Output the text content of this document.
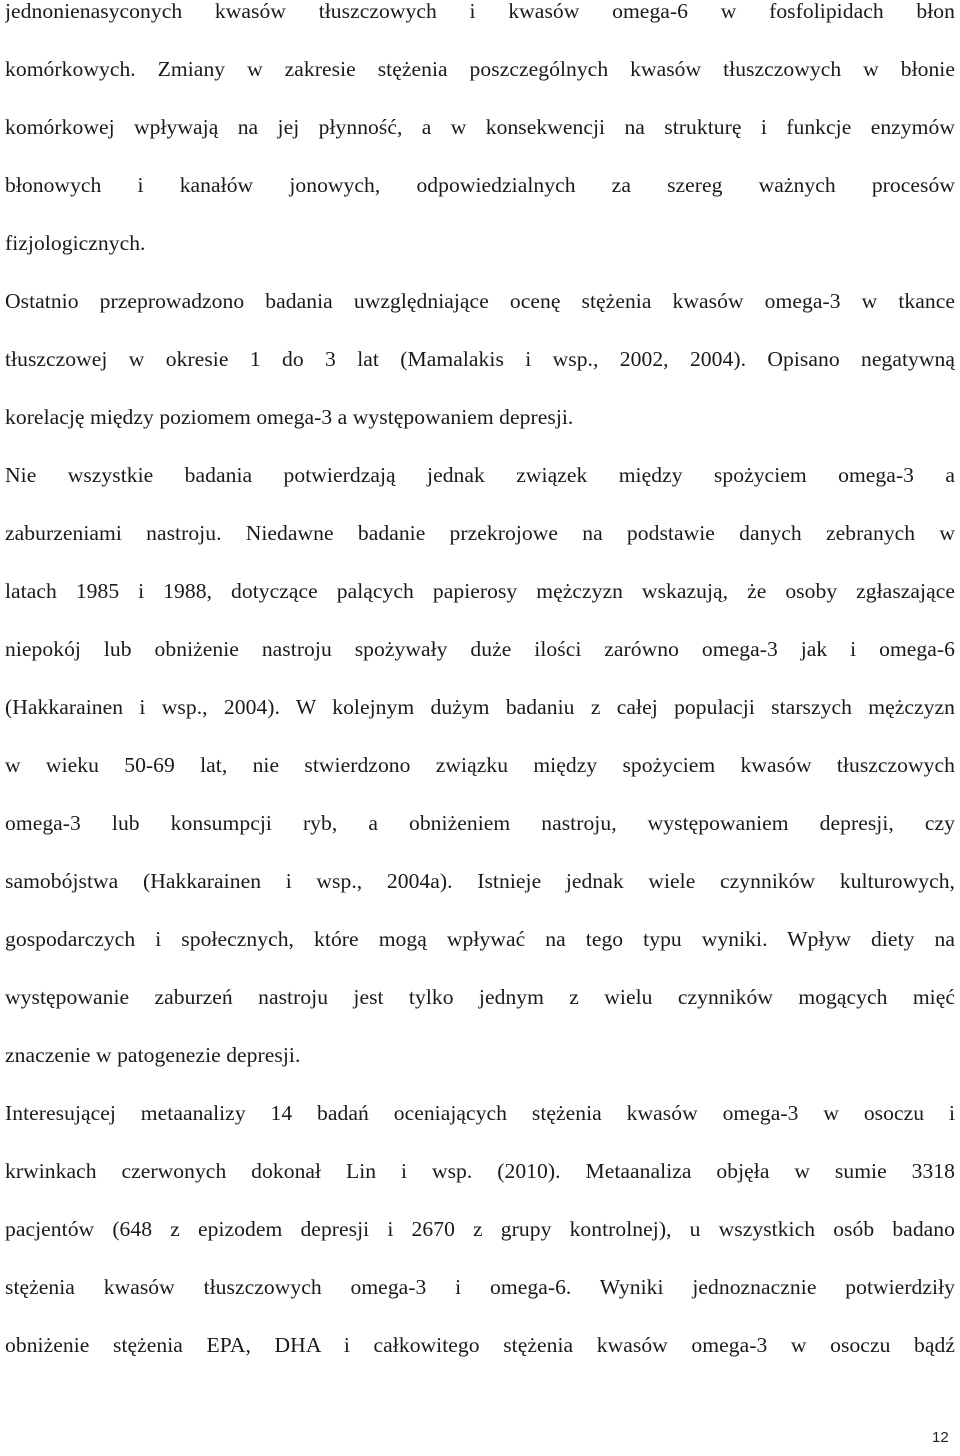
jednonienasyconych kwasów tłuszczowych i kwasów omega-6 w fosfolipidach błon
komórkowych. Zmiany w zakresie stężenia poszczególnych kwasów tłuszczowych w błonie
komórkowej wpływają na jej płynność, a w konsekwencji na strukturę i funkcje enzymów
błonowych i kanałów jonowych, odpowiedzialnych za szereg ważnych procesów
fizjologicznych.
Ostatnio przeprowadzono badania uwzględniające ocenę stężenia kwasów omega-3 w tkance
tłuszczowej w okresie 1 do 3 lat (Mamalakis i wsp., 2002, 2004). Opisano negatywną
korelację między poziomem omega-3 a występowaniem depresji.
Nie wszystkie badania potwierdzają jednak związek między spożyciem omega-3 a
zaburzeniami nastroju. Niedawne badanie przekrojowe na podstawie danych zebranych w
latach 1985 i 1988, dotyczące palących papierosy mężczyzn wskazują, że osoby zgłaszające
niepokój lub obniżenie nastroju spożywały duże ilości zarówno omega-3 jak i omega-6
(Hakkarainen i wsp., 2004). W kolejnym dużym badaniu z całej populacji starszych mężczyzn
w wieku 50-69 lat, nie stwierdzono związku między spożyciem kwasów tłuszczowych
omega-3 lub konsumpcji ryb, a obniżeniem nastroju, występowaniem depresji, czy
samobójstwa (Hakkarainen i wsp., 2004a). Istnieje jednak wiele czynników kulturowych,
gospodarczych i społecznych, które mogą wpływać na tego typu wyniki. Wpływ diety na
występowanie zaburzeń nastroju jest tylko jednym z wielu czynników mogących mięć
znaczenie w patogenezie depresji.
Interesującej metaanalizy 14 badań oceniających stężenia kwasów omega-3 w osoczu i
krwinkach czerwonych dokonał Lin i wsp. (2010). Metaanaliza objęła w sumie 3318
pacjentów (648 z epizodem depresji i 2670 z grupy kontrolnej), u wszystkich osób badano
stężenia kwasów tłuszczowych omega-3 i omega-6. Wyniki jednoznacznie potwierdziły
obniżenie stężenia EPA, DHA i całkowitego stężenia kwasów omega-3 w osoczu bądź
12
